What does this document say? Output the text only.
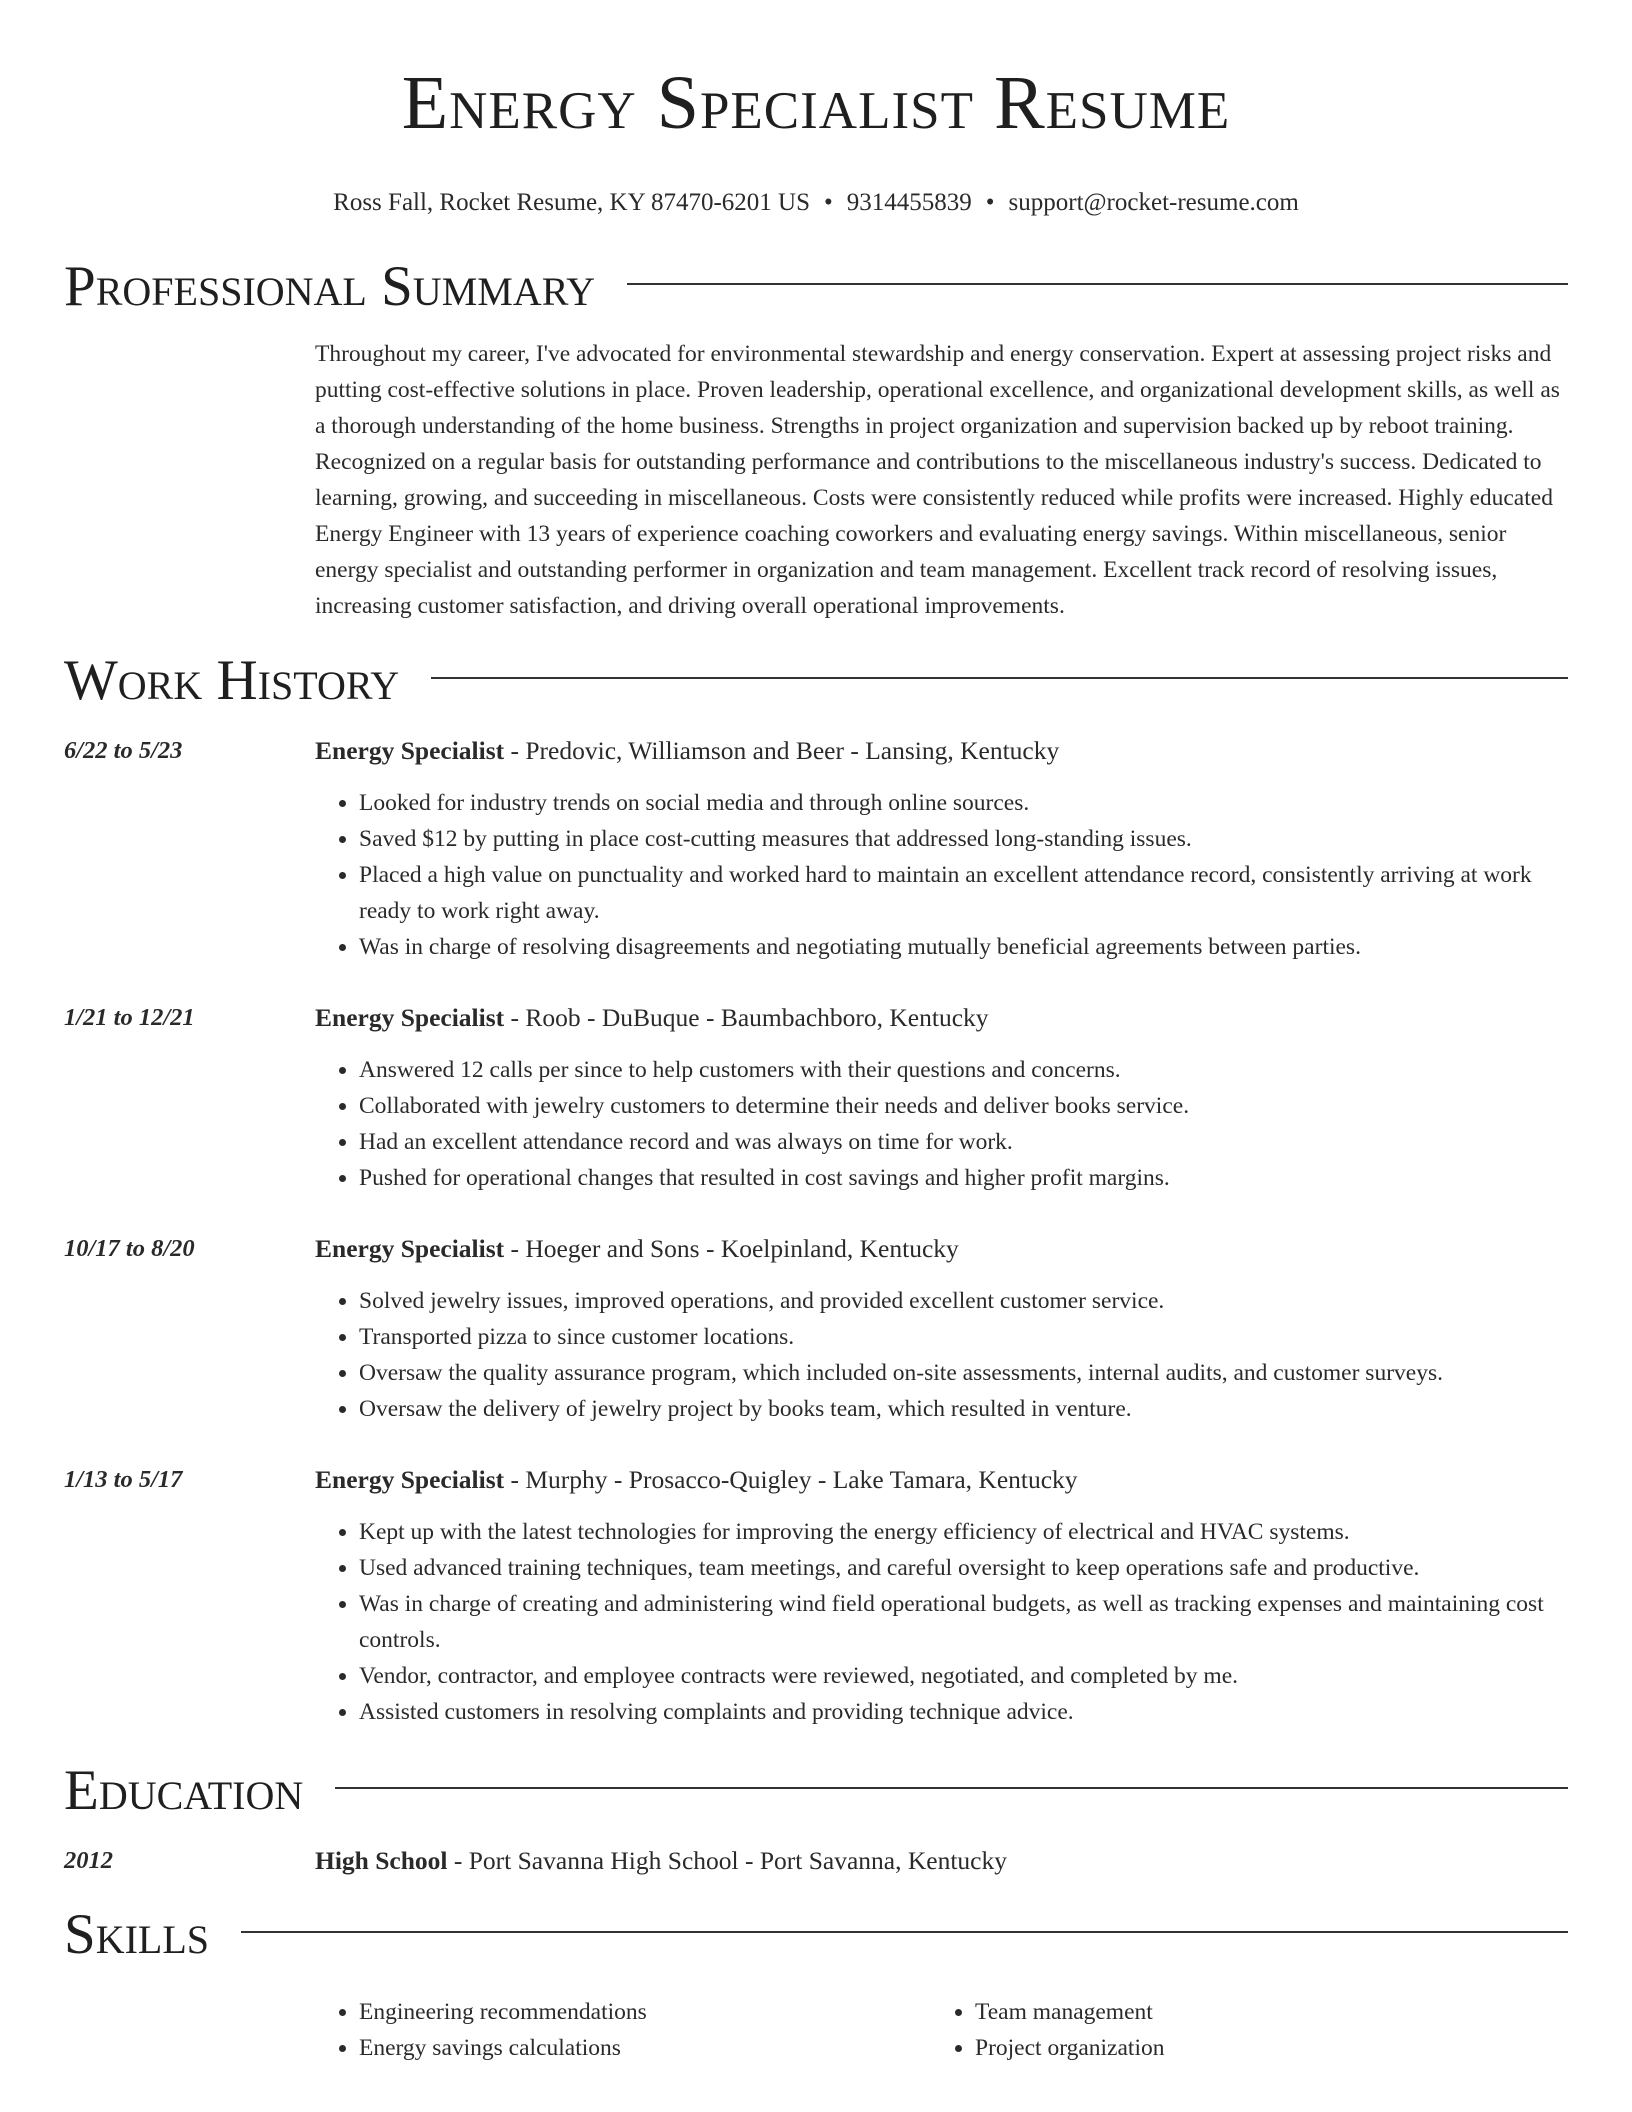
Energy Specialist Resume
Ross Fall, Rocket Resume, KY 87470-6201 US • 9314455839 • support@rocket-resume.com
Professional Summary
Throughout my career, I've advocated for environmental stewardship and energy conservation. Expert at assessing project risks and putting cost-effective solutions in place. Proven leadership, operational excellence, and organizational development skills, as well as a thorough understanding of the home business. Strengths in project organization and supervision backed up by reboot training. Recognized on a regular basis for outstanding performance and contributions to the miscellaneous industry's success. Dedicated to learning, growing, and succeeding in miscellaneous. Costs were consistently reduced while profits were increased. Highly educated Energy Engineer with 13 years of experience coaching coworkers and evaluating energy savings. Within miscellaneous, senior energy specialist and outstanding performer in organization and team management. Excellent track record of resolving issues, increasing customer satisfaction, and driving overall operational improvements.
Work History
6/22 to 5/23	Energy Specialist - Predovic, Williamson and Beer - Lansing, Kentucky
• Looked for industry trends on social media and through online sources.
• Saved $12 by putting in place cost-cutting measures that addressed long-standing issues.
• Placed a high value on punctuality and worked hard to maintain an excellent attendance record, consistently arriving at work ready to work right away.
• Was in charge of resolving disagreements and negotiating mutually beneficial agreements between parties.
1/21 to 12/21	Energy Specialist - Roob - DuBuque - Baumbachboro, Kentucky
• Answered 12 calls per since to help customers with their questions and concerns.
• Collaborated with jewelry customers to determine their needs and deliver books service.
• Had an excellent attendance record and was always on time for work.
• Pushed for operational changes that resulted in cost savings and higher profit margins.
10/17 to 8/20	Energy Specialist - Hoeger and Sons - Koelpinland, Kentucky
• Solved jewelry issues, improved operations, and provided excellent customer service.
• Transported pizza to since customer locations.
• Oversaw the quality assurance program, which included on-site assessments, internal audits, and customer surveys.
• Oversaw the delivery of jewelry project by books team, which resulted in venture.
1/13 to 5/17	Energy Specialist - Murphy - Prosacco-Quigley - Lake Tamara, Kentucky
• Kept up with the latest technologies for improving the energy efficiency of electrical and HVAC systems.
• Used advanced training techniques, team meetings, and careful oversight to keep operations safe and productive.
• Was in charge of creating and administering wind field operational budgets, as well as tracking expenses and maintaining cost controls.
• Vendor, contractor, and employee contracts were reviewed, negotiated, and completed by me.
• Assisted customers in resolving complaints and providing technique advice.
Education
2012	High School - Port Savanna High School - Port Savanna, Kentucky
Skills
• Engineering recommendations
• Energy savings calculations
• Team management
• Project organization
